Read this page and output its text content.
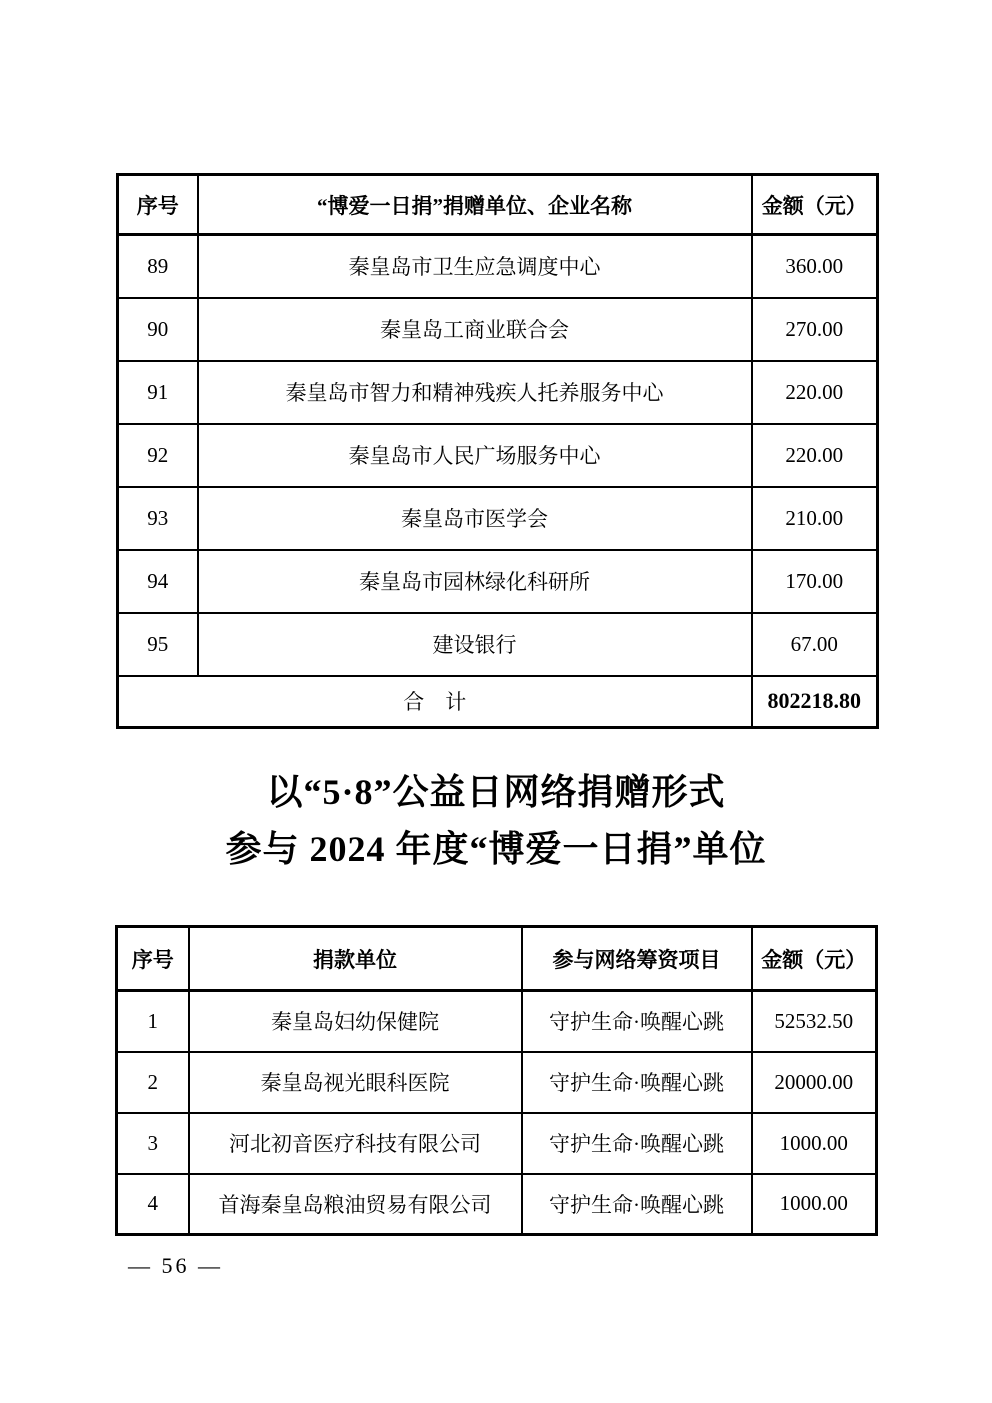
序号	“博爱一日捐”捐赠单位、企业名称	金额（元）
89	秦皇岛市卫生应急调度中心	360.00
90	秦皇岛工商业联合会	270.00
91	秦皇岛市智力和精神残疾人托养服务中心	220.00
92	秦皇岛市人民广场服务中心	220.00
93	秦皇岛市医学会	210.00
94	秦皇岛市园林绿化科研所	170.00
95	建设银行	67.00
合　计		802218.80
以“5·8”公益日网络捐赠形式
参与 2024 年度“博爱一日捐”单位
序号	捐款单位	参与网络筹资项目	金额（元）
1	秦皇岛妇幼保健院	守护生命·唤醒心跳	52532.50
2	秦皇岛视光眼科医院	守护生命·唤醒心跳	20000.00
3	河北初音医疗科技有限公司	守护生命·唤醒心跳	1000.00
4	首海秦皇岛粮油贸易有限公司	守护生命·唤醒心跳	1000.00
— 56 —
